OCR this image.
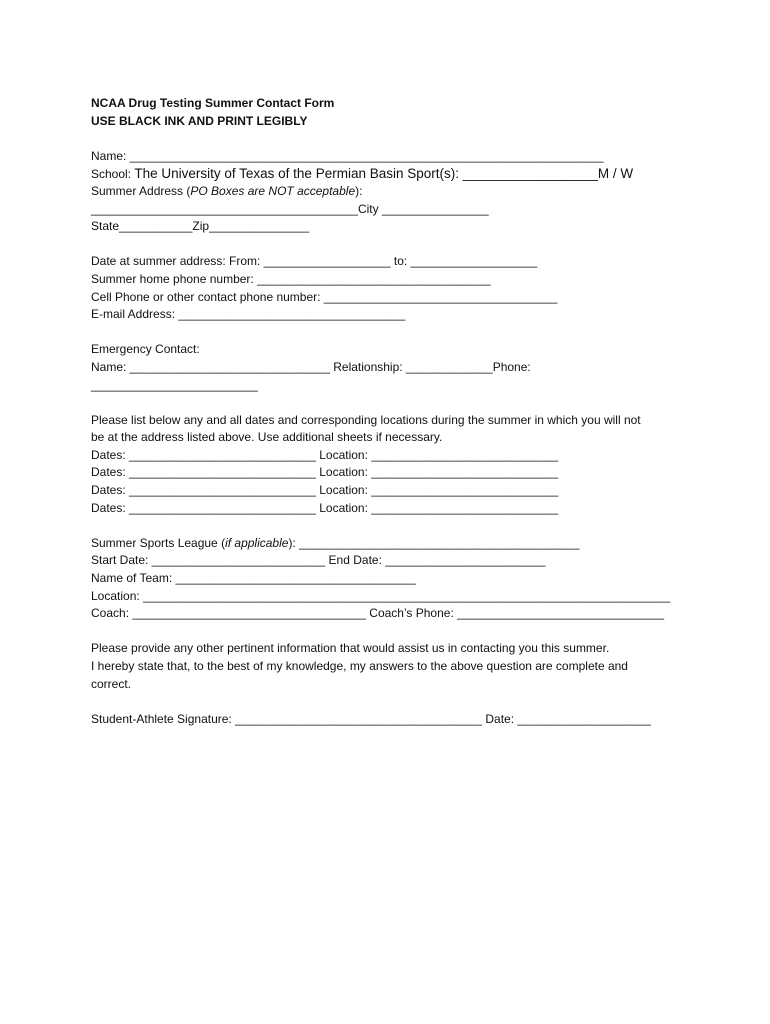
NCAA Drug Testing Summer Contact Form
USE BLACK INK AND PRINT LEGIBLY
Name: _______________________________________________________________________
School: The University of Texas of the Permian Basin Sport(s): __________________M / W
Summer Address (PO Boxes are NOT acceptable):
________________________________________City ________________
State___________Zip_______________
Date at summer address: From: ___________________ to: ___________________
Summer home phone number: ___________________________________
Cell Phone or other contact phone number: ___________________________________
E-mail Address: __________________________________
Emergency Contact:
Name: ______________________________ Relationship: _____________Phone:
_________________________
Please list below any and all dates and corresponding locations during the summer in which you will not
be at the address listed above. Use additional sheets if necessary.
Dates: ____________________________ Location: ____________________________
Dates: ____________________________ Location: ____________________________
Dates: ____________________________ Location: ____________________________
Dates: ____________________________ Location: ____________________________
Summer Sports League (if applicable): __________________________________________
Start Date: __________________________ End Date: ________________________
Name of Team: ____________________________________
Location: _______________________________________________________________________________
Coach: ___________________________________ Coach’s Phone: _______________________________
Please provide any other pertinent information that would assist us in contacting you this summer.
I hereby state that, to the best of my knowledge, my answers to the above question are complete and
correct.
Student-Athlete Signature: _____________________________________ Date: ____________________
